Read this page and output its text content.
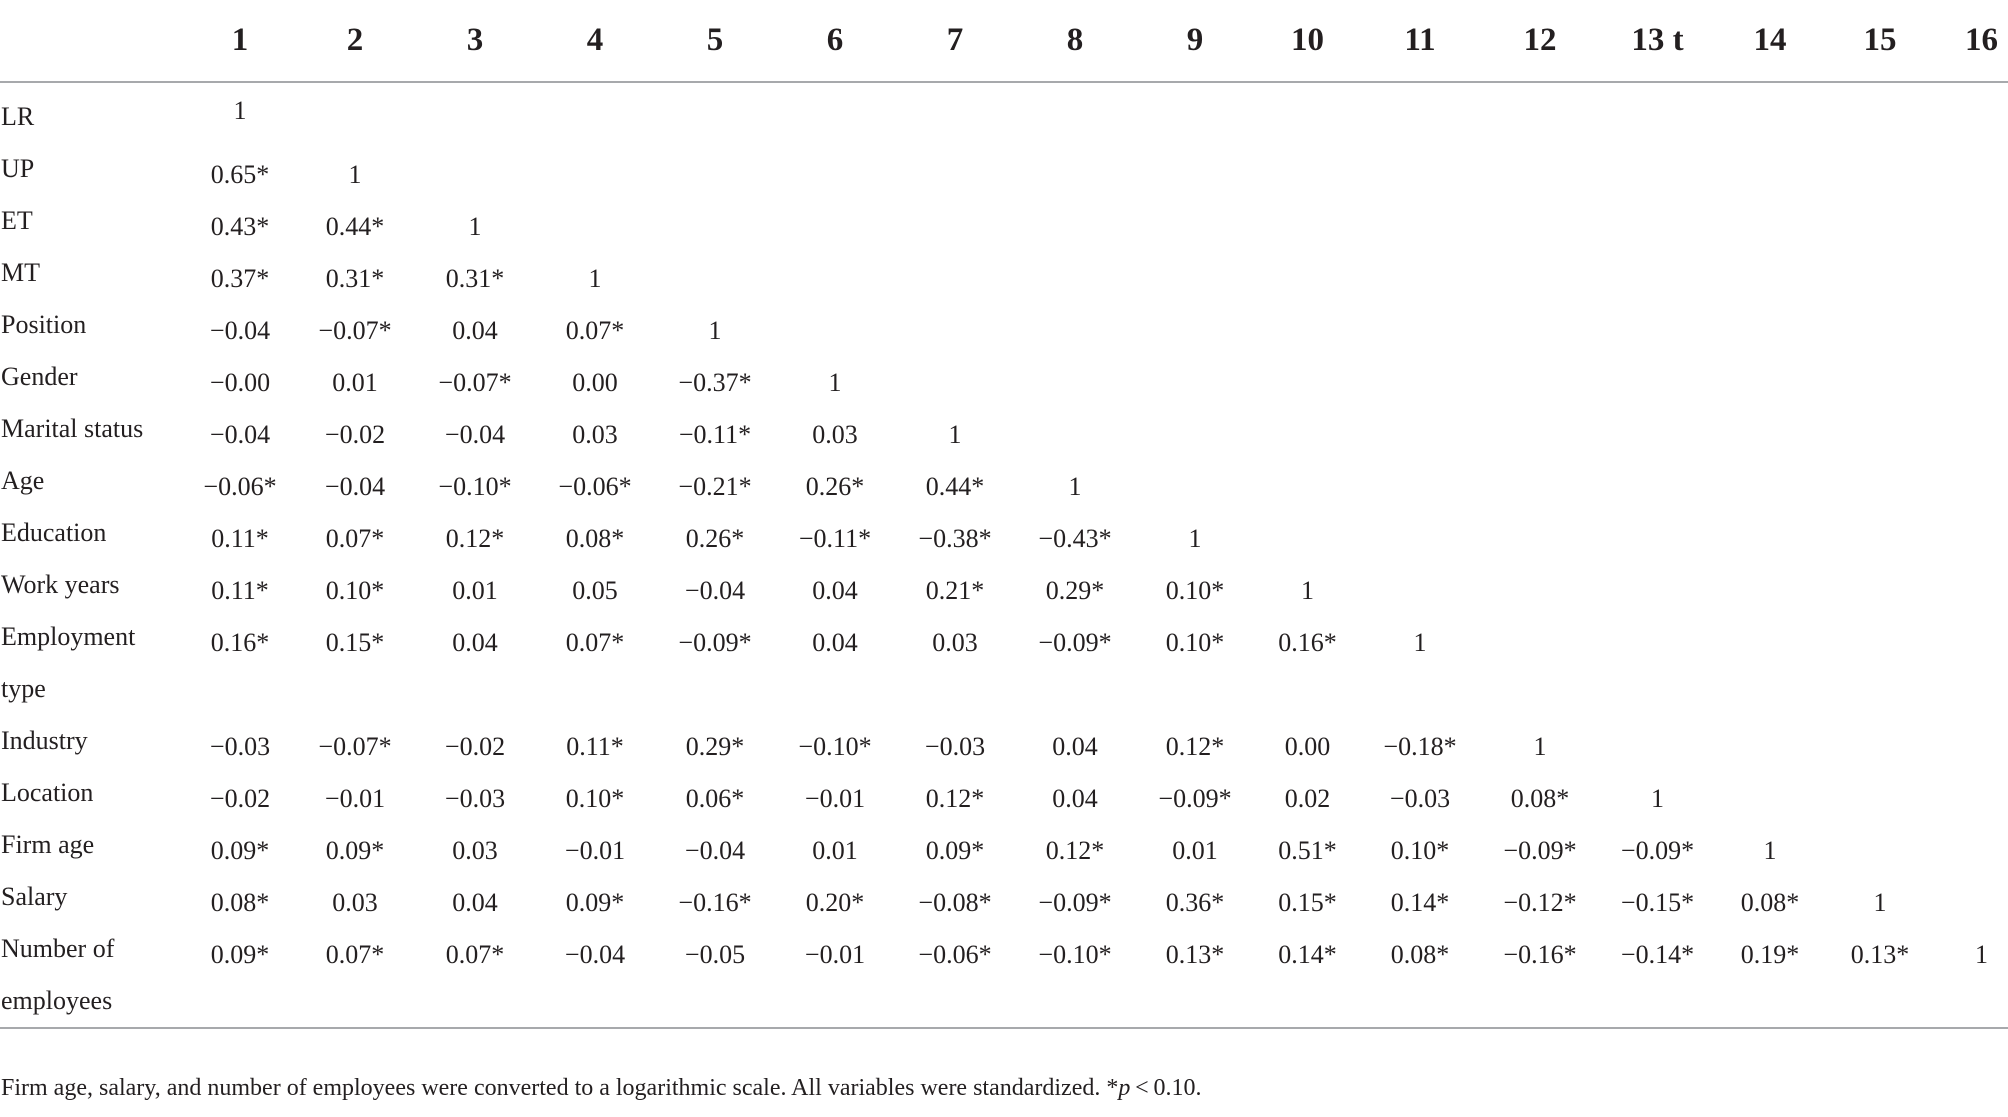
	1	2	3	4	5	6	7	8	9	10	11	12	13 t	14	15	16
LR	1															
UP	0.65*	1														
ET	0.43*	0.44*	1													
MT	0.37*	0.31*	0.31*	1												
Position	−0.04	−0.07*	0.04	0.07*	1											
Gender	−0.00	0.01	−0.07*	0.00	−0.37*	1										
Marital status	−0.04	−0.02	−0.04	0.03	−0.11*	0.03	1									
Age	−0.06*	−0.04	−0.10*	−0.06*	−0.21*	0.26*	0.44*	1								
Education	0.11*	0.07*	0.12*	0.08*	0.26*	−0.11*	−0.38*	−0.43*	1							
Work years	0.11*	0.10*	0.01	0.05	−0.04	0.04	0.21*	0.29*	0.10*	1						
Employment type	0.16*	0.15*	0.04	0.07*	−0.09*	0.04	0.03	−0.09*	0.10*	0.16*	1					
Industry	−0.03	−0.07*	−0.02	0.11*	0.29*	−0.10*	−0.03	0.04	0.12*	0.00	−0.18*	1				
Location	−0.02	−0.01	−0.03	0.10*	0.06*	−0.01	0.12*	0.04	−0.09*	0.02	−0.03	0.08*	1			
Firm age	0.09*	0.09*	0.03	−0.01	−0.04	0.01	0.09*	0.12*	0.01	0.51*	0.10*	−0.09*	−0.09*	1		
Salary	0.08*	0.03	0.04	0.09*	−0.16*	0.20*	−0.08*	−0.09*	0.36*	0.15*	0.14*	−0.12*	−0.15*	0.08*	1	
Number of employees	0.09*	0.07*	0.07*	−0.04	−0.05	−0.01	−0.06*	−0.10*	0.13*	0.14*	0.08*	−0.16*	−0.14*	0.19*	0.13*	1
Firm age, salary, and number of employees were converted to a logarithmic scale. All variables were standardized. *p < 0.10.
